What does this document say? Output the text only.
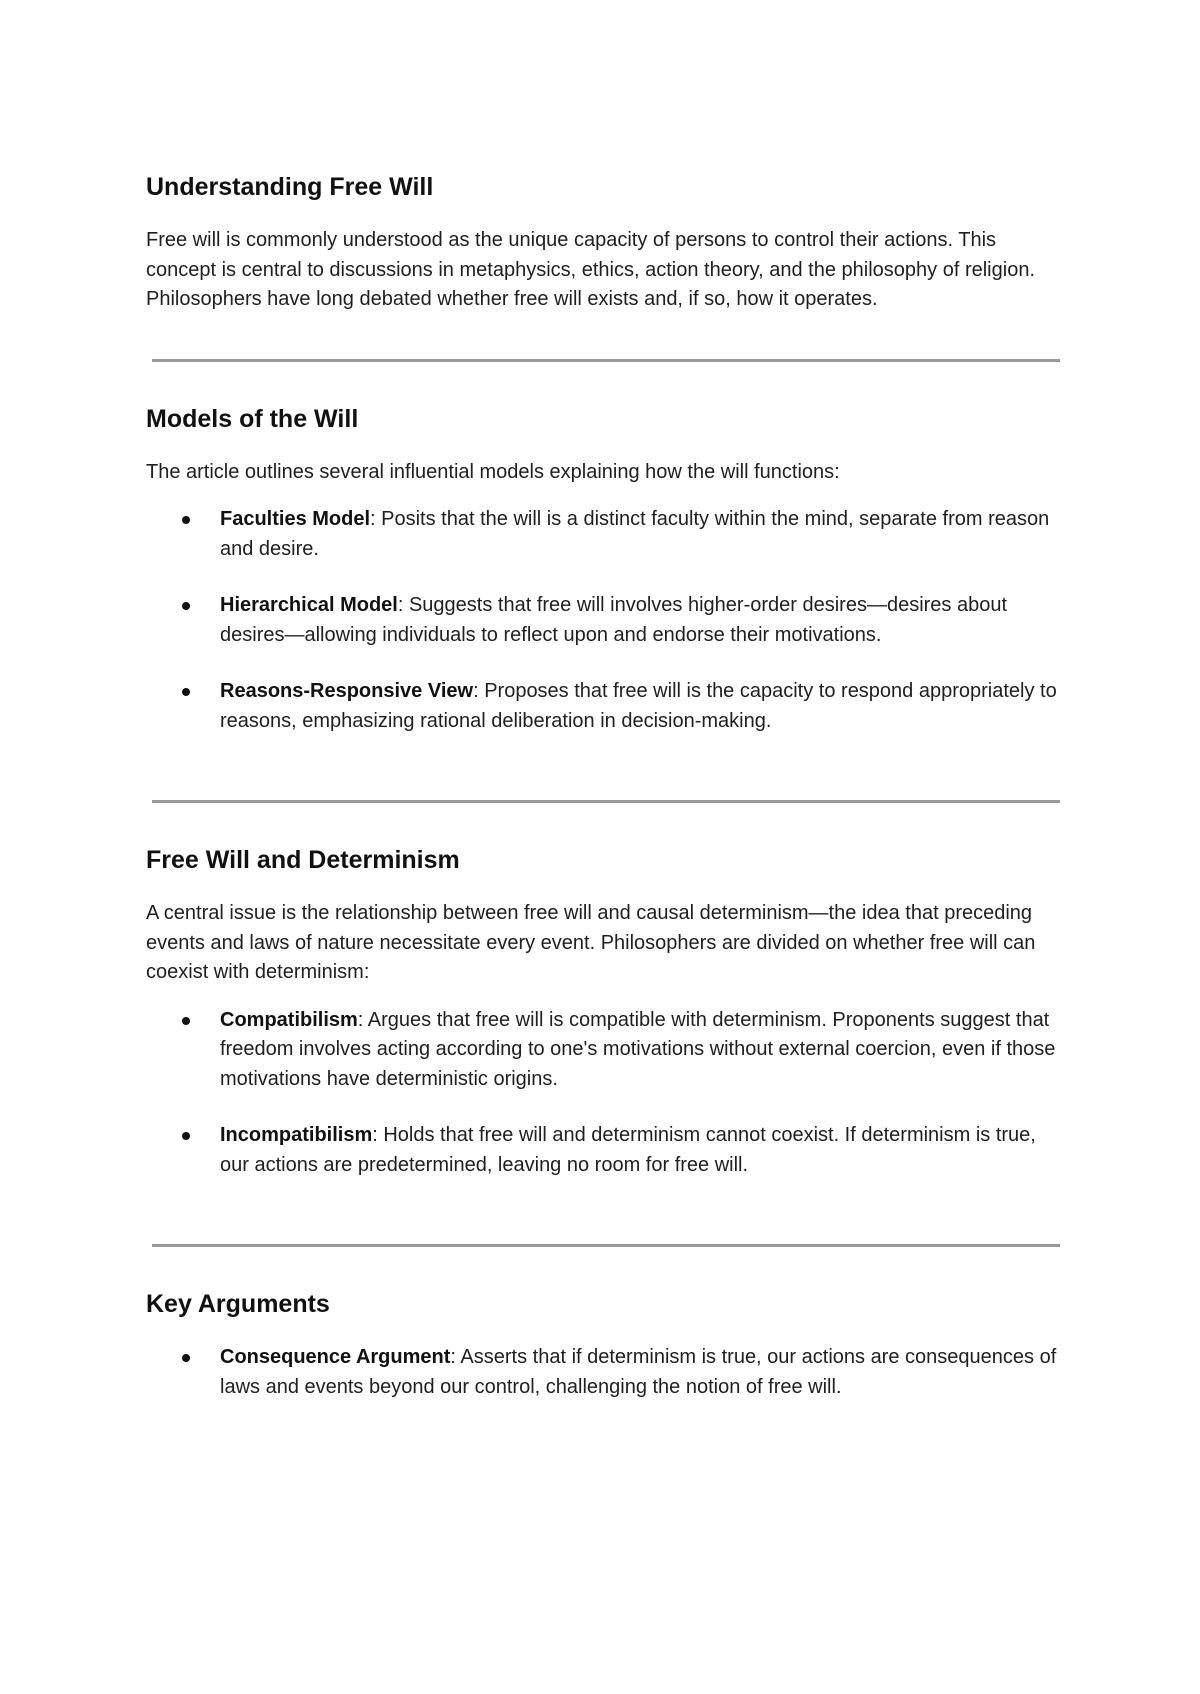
Understanding Free Will

Free will is commonly understood as the unique capacity of persons to control their actions. This concept is central to discussions in metaphysics, ethics, action theory, and the philosophy of religion. Philosophers have long debated whether free will exists and, if so, how it operates.

Models of the Will

The article outlines several influential models explaining how the will functions:

Faculties Model: Posits that the will is a distinct faculty within the mind, separate from reason and desire.
Hierarchical Model: Suggests that free will involves higher-order desires—desires about desires—allowing individuals to reflect upon and endorse their motivations.
Reasons-Responsive View: Proposes that free will is the capacity to respond appropriately to reasons, emphasizing rational deliberation in decision-making.
Free Will and Determinism

A central issue is the relationship between free will and causal determinism—the idea that preceding events and laws of nature necessitate every event. Philosophers are divided on whether free will can coexist with determinism:

Compatibilism: Argues that free will is compatible with determinism. Proponents suggest that freedom involves acting according to one's motivations without external coercion, even if those motivations have deterministic origins.
Incompatibilism: Holds that free will and determinism cannot coexist. If determinism is true, our actions are predetermined, leaving no room for free will.
Key Arguments
Consequence Argument: Asserts that if determinism is true, our actions are consequences of laws and events beyond our control, challenging the notion of free will.
